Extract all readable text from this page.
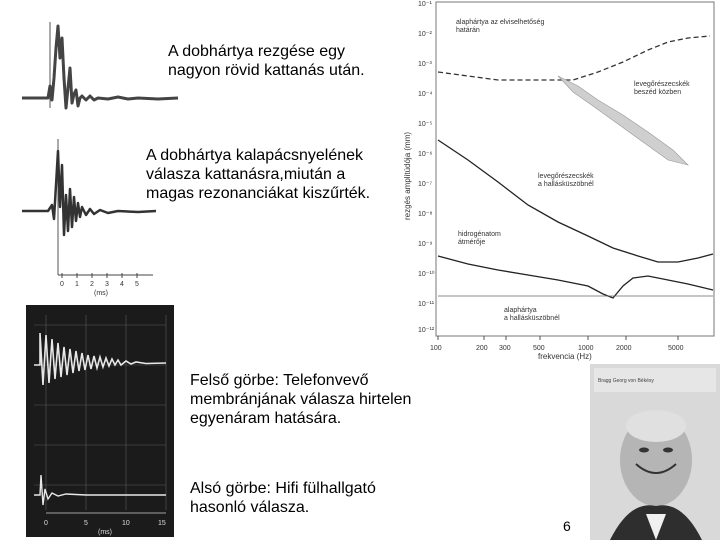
A dobhártya rezgése egy
nagyon rövid kattanás után.
0 1 2 3 4 5
(ms)
A dobhártya kalapácsnyelének
válasza kattanásra,miután a
magas rezonanciákat kiszűrték.
0	5	10	15
(ms)
Felső görbe: Telefonvevő
membránjának válasza hirtelen
egyenáram hatására.
Alsó görbe: Hifi fülhallgató
hasonló válasza.
rezgés amplitúdója (mm)
10⁻¹
10⁻²
10⁻³
10⁻⁴
10⁻⁵
10⁻⁶
10⁻⁷
10⁻⁸
10⁻⁹
10⁻¹⁰
10⁻¹¹
10⁻¹²
100	200 300	500	1000	2000	5000
frekvencia (Hz)
alaphártya az elviselhetőség határán
levegőrészecskék beszéd közben
levegőrészecskék a hallásküszöbnél
hidrogénatom átmérője
alaphártya a hallásküszöbnél
Bragg Georg von Békésy
6
